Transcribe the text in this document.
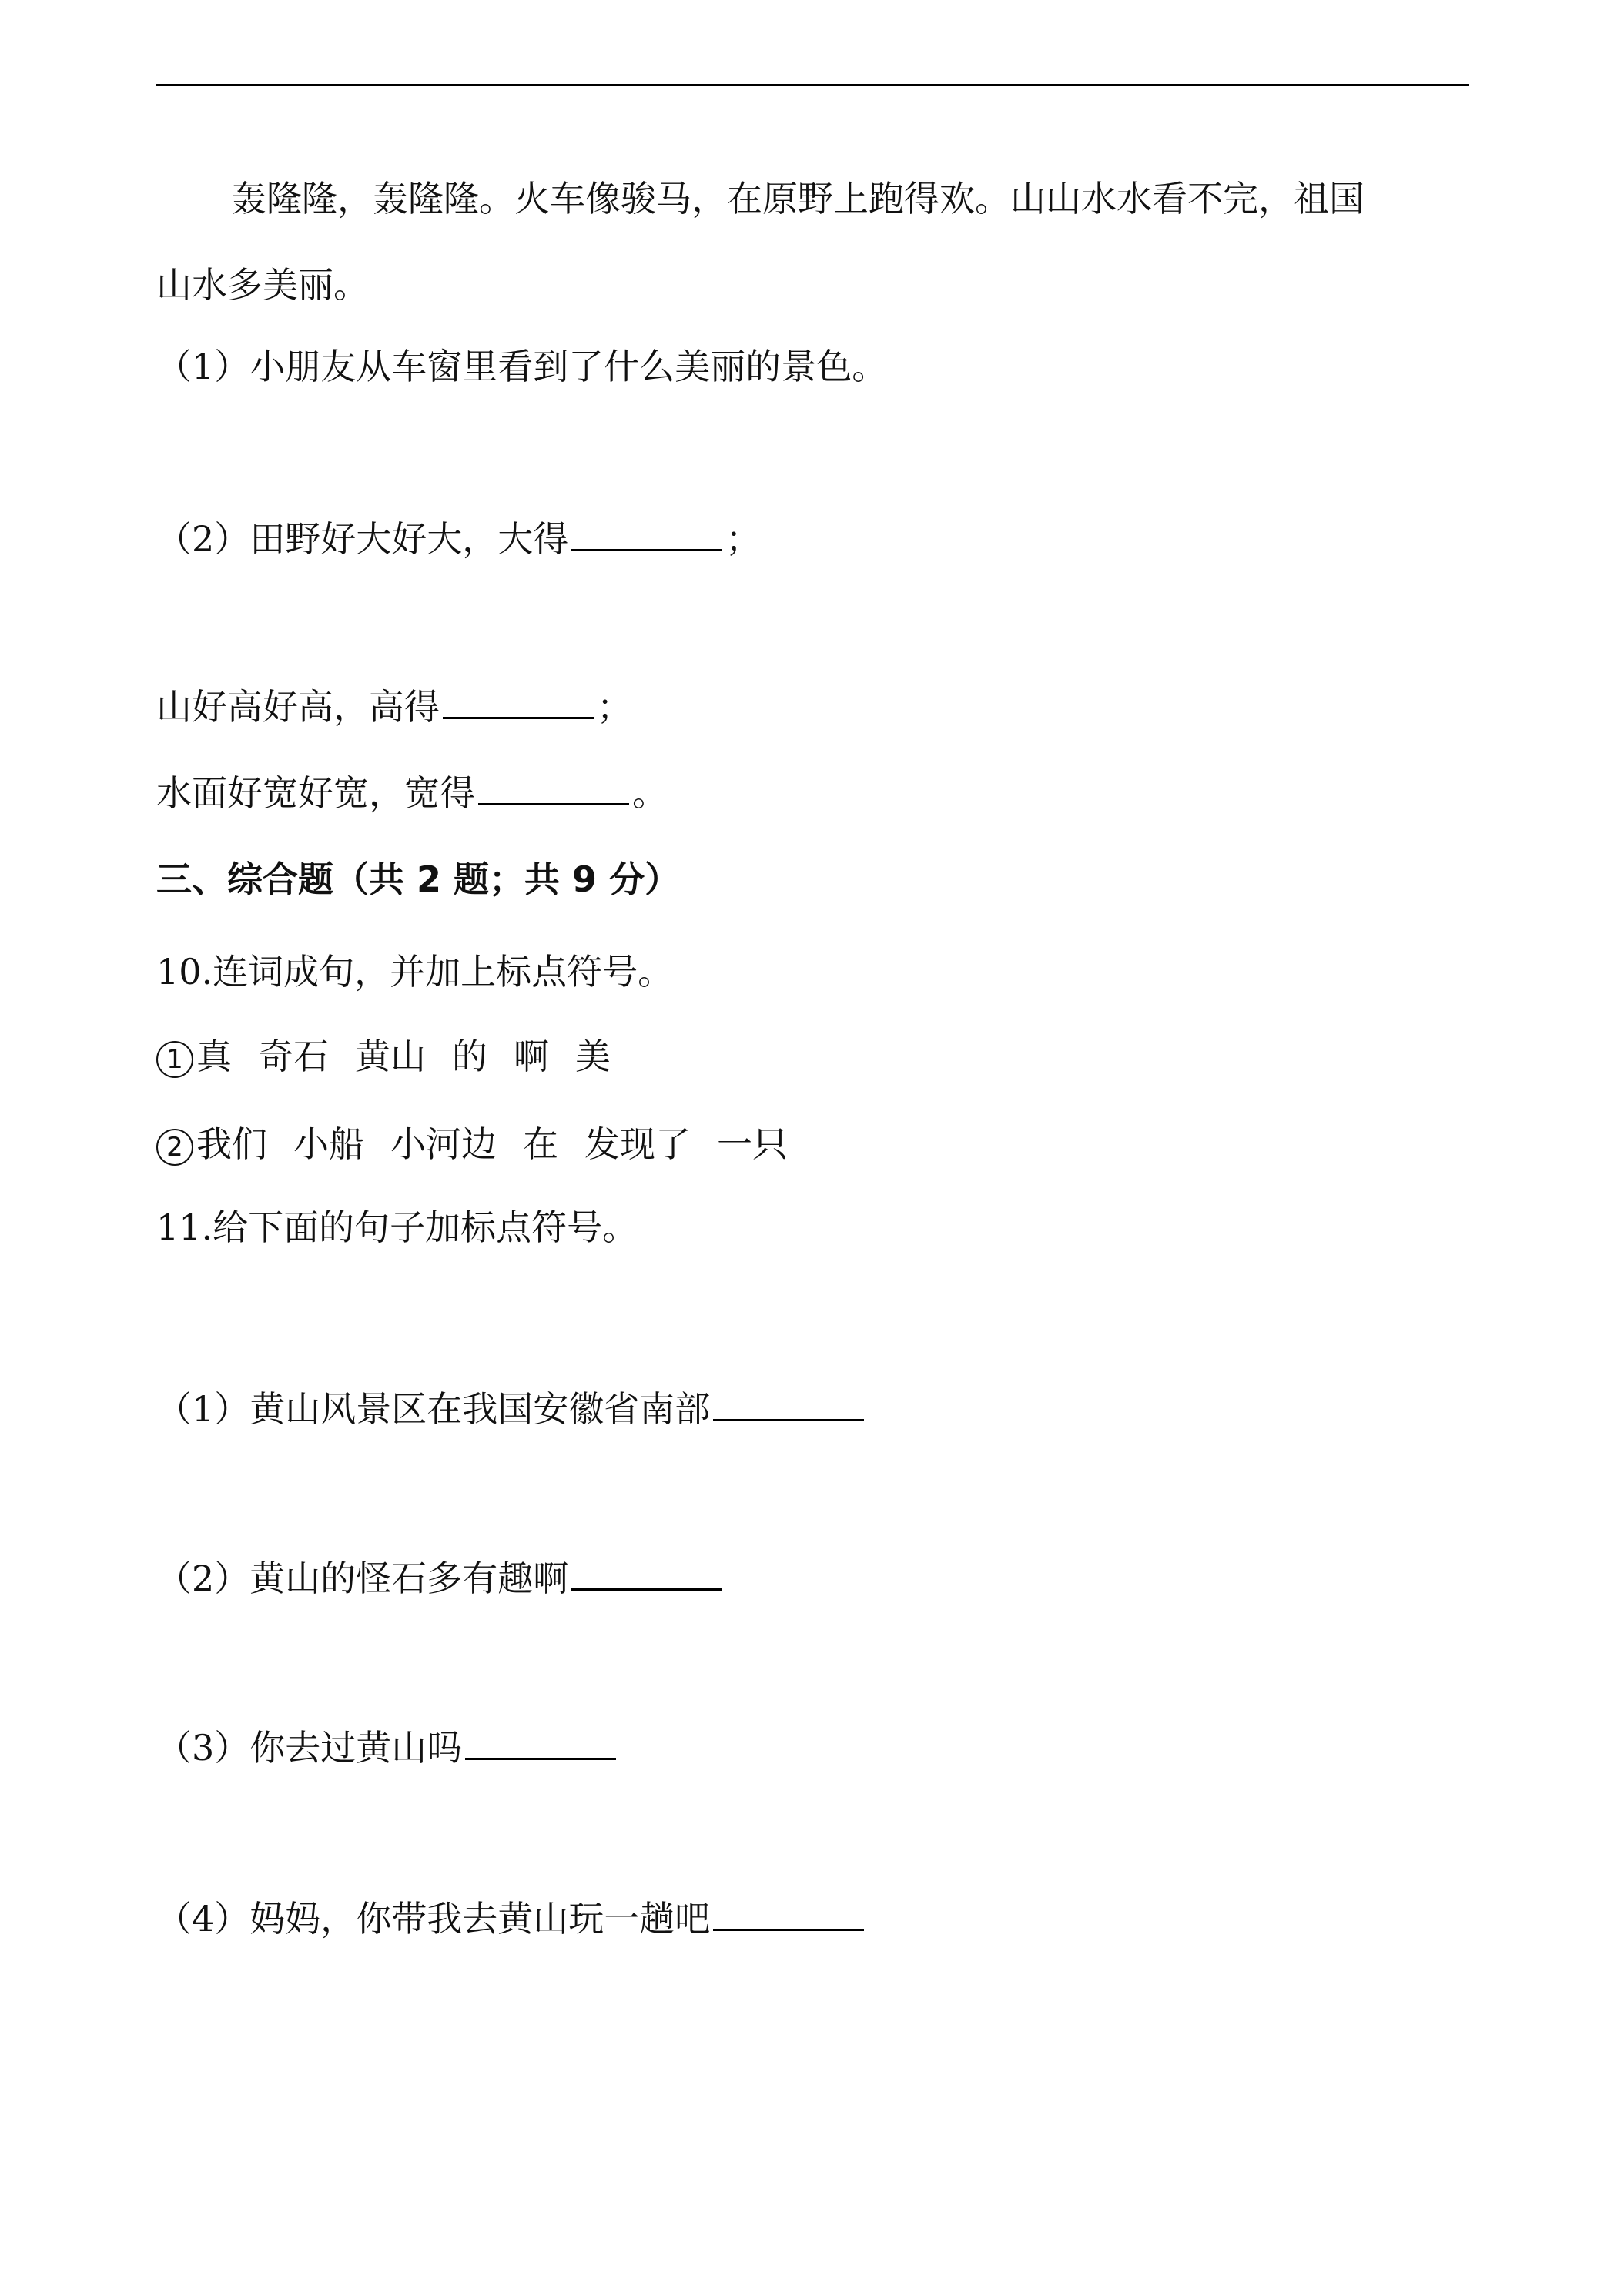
轰隆隆，轰隆隆。火车像骏马，在原野上跑得欢。山山水水看不完，祖国
山水多美丽。
（1）小朋友从车窗里看到了什么美丽的景色。
（2）田野好大好大，大得	；
山好高好高，高得	；
水面好宽好宽，宽得	。
三、综合题（共 2 题；共 9 分）
10.连词成句，并加上标点符号。
1 真 奇石 黄山 的 啊 美
2 我们 小船 小河边 在 发现了 一只
11.给下面的句子加标点符号。
（1）黄山风景区在我国安徽省南部
（2）黄山的怪石多有趣啊
（3）你去过黄山吗
（4）妈妈，你带我去黄山玩一趟吧
